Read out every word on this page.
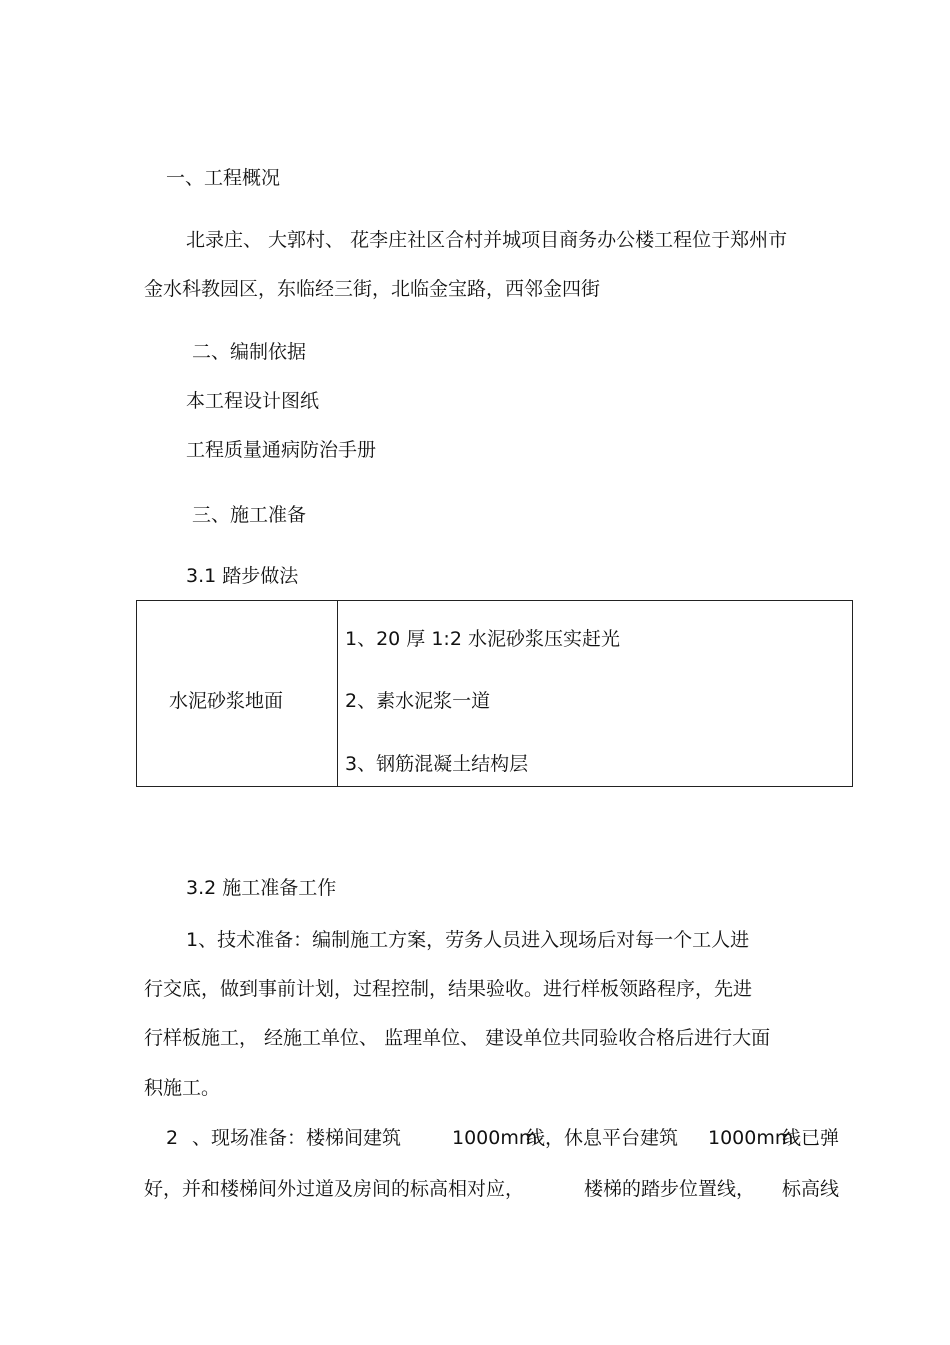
一、工程概况
北录庄、 大郭村、 花李庄社区合村并城项目商务办公楼工程位于郑州市
金水科教园区，东临经三街，北临金宝路，西邻金四街
二、编制依据
本工程设计图纸
工程质量通病防治手册
三、施工准备
3.1 踏步做法
水泥砂浆地面
1、20 厚 1:2 水泥砂浆压实赶光
2、素水泥浆一道
3、钢筋混凝土结构层
3.2 施工准备工作
1、技术准备：编制施工方案，劳务人员进入现场后对每一个工人进
行交底，做到事前计划，过程控制，结果验收。进行样板领路程序，先进
行样板施工， 经施工单位、 监理单位、 建设单位共同验收合格后进行大面
积施工。
2 、现场准备：楼梯间建筑	1000mm
线，休息平台建筑 1000mm
线已弹
好，并和楼梯间外过道及房间的标高相对应，	楼梯的踏步位置线， 标高线
